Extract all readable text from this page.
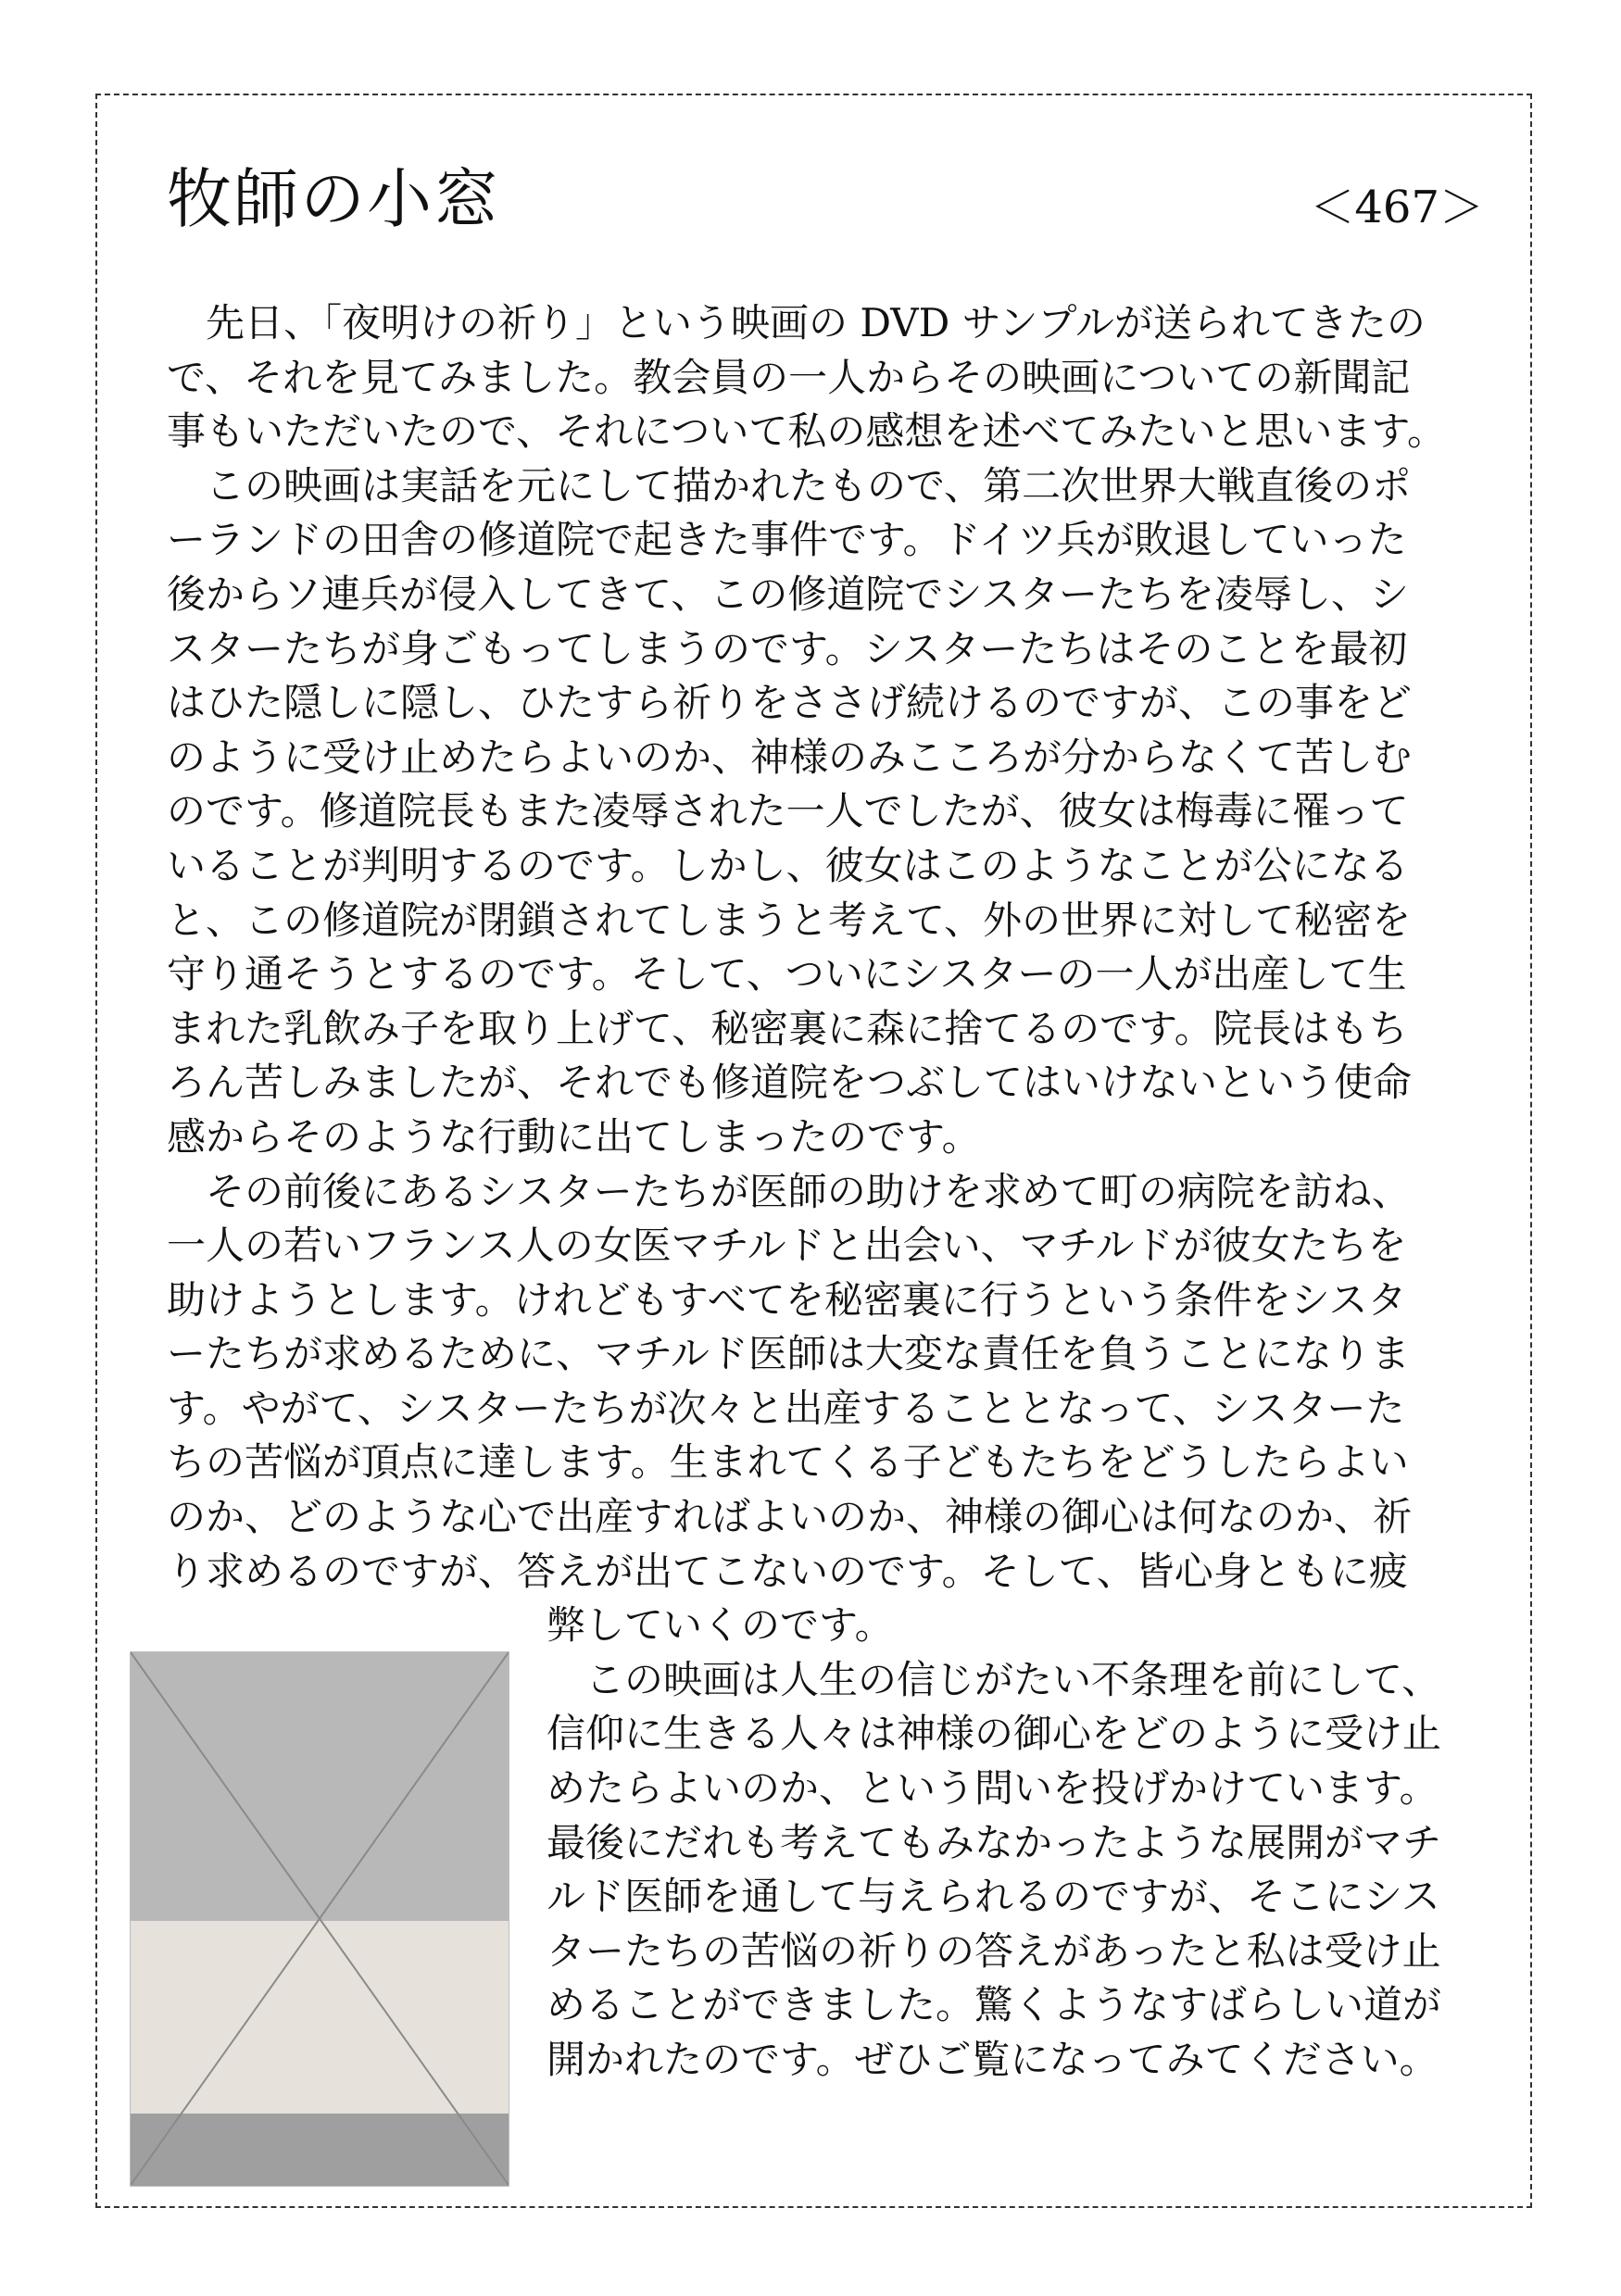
牧師の小窓	＜467＞
　先日、「夜明けの祈り」という映画の DVD サンプルが送られてきたの
で、それを見てみました。教会員の一人からその映画についての新聞記
事もいただいたので、それについて私の感想を述べてみたいと思います。
　この映画は実話を元にして描かれたもので、第二次世界大戦直後のポ
ーランドの田舎の修道院で起きた事件です。ドイツ兵が敗退していった
後からソ連兵が侵入してきて、この修道院でシスターたちを凌辱し、シ
スターたちが身ごもってしまうのです。シスターたちはそのことを最初
はひた隠しに隠し、ひたすら祈りをささげ続けるのですが、この事をど
のように受け止めたらよいのか、神様のみこころが分からなくて苦しむ
のです。修道院長もまた凌辱された一人でしたが、彼女は梅毒に罹って
いることが判明するのです。しかし、彼女はこのようなことが公になる
と、この修道院が閉鎖されてしまうと考えて、外の世界に対して秘密を
守り通そうとするのです。そして、ついにシスターの一人が出産して生
まれた乳飲み子を取り上げて、秘密裏に森に捨てるのです。院長はもち
ろん苦しみましたが、それでも修道院をつぶしてはいけないという使命
感からそのような行動に出てしまったのです。
　その前後にあるシスターたちが医師の助けを求めて町の病院を訪ね、
一人の若いフランス人の女医マチルドと出会い、マチルドが彼女たちを
助けようとします。けれどもすべてを秘密裏に行うという条件をシスタ
ーたちが求めるために、マチルド医師は大変な責任を負うことになりま
す。やがて、シスターたちが次々と出産することとなって、シスターた
ちの苦悩が頂点に達します。生まれてくる子どもたちをどうしたらよい
のか、どのような心で出産すればよいのか、神様の御心は何なのか、祈
り求めるのですが、答えが出てこないのです。そして、皆心身ともに疲
弊していくのです。
　この映画は人生の信じがたい不条理を前にして、
信仰に生きる人々は神様の御心をどのように受け止
めたらよいのか、という問いを投げかけています。
最後にだれも考えてもみなかったような展開がマチ
ルド医師を通して与えられるのですが、そこにシス
ターたちの苦悩の祈りの答えがあったと私は受け止
めることができました。驚くようなすばらしい道が
開かれたのです。ぜひご覧になってみてください。
